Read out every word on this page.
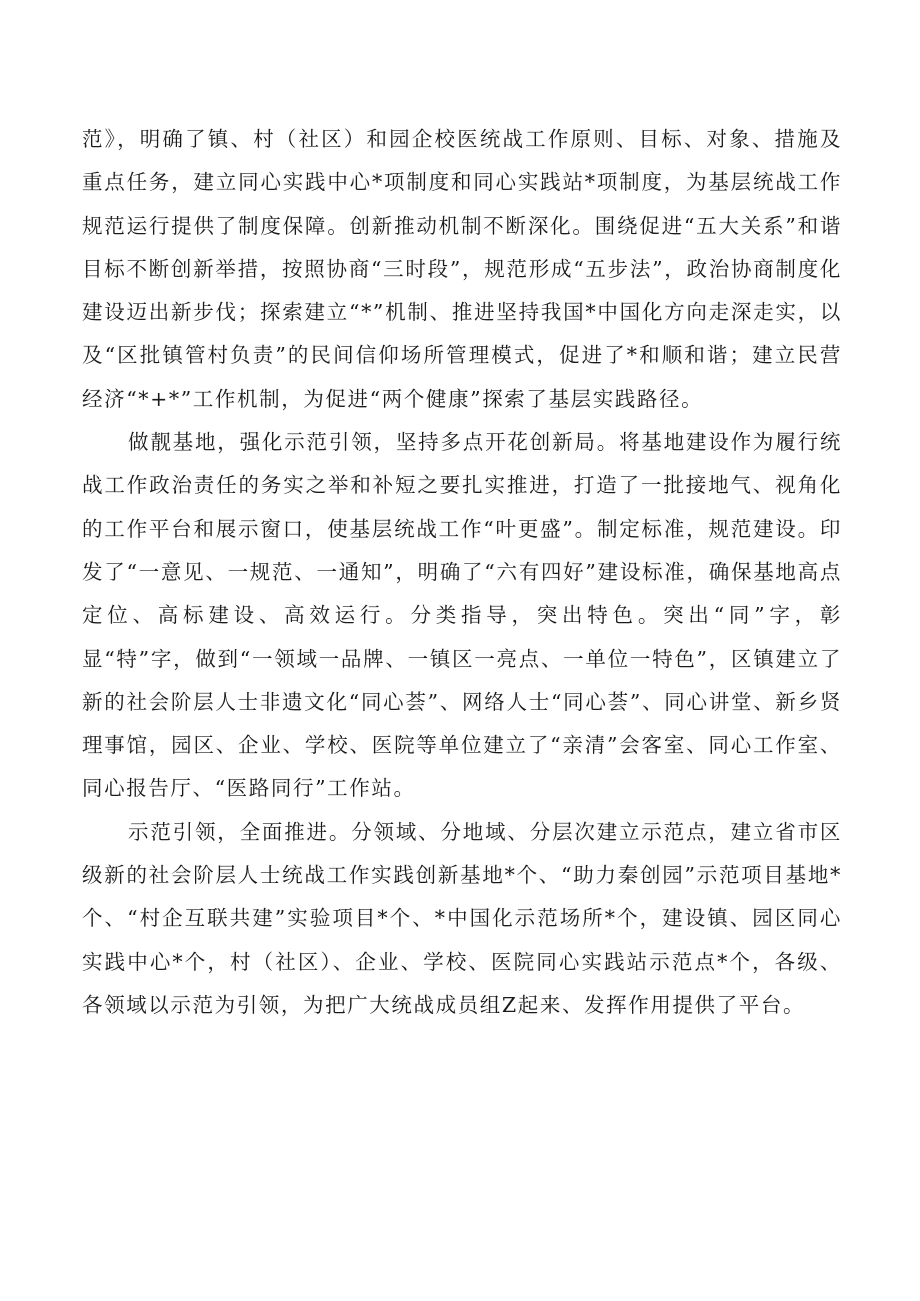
范》，明确了镇、村（社区）和园企校医统战工作原则、目标、对象、措施及重点任务，建立同心实践中心*项制度和同心实践站*项制度，为基层统战工作规范运行提供了制度保障。创新推动机制不断深化。围绕促进“五大关系”和谐目标不断创新举措，按照协商“三时段”，规范形成“五步法”，政治协商制度化建设迈出新步伐；探索建立“*”机制、推进坚持我国*中国化方向走深走实，以及“区批镇管村负责”的民间信仰场所管理模式，促进了*和顺和谐；建立民营经济“*+*”工作机制，为促进“两个健康”探索了基层实践路径。

做靓基地，强化示范引领，坚持多点开花创新局。将基地建设作为履行统战工作政治责任的务实之举和补短之要扎实推进，打造了一批接地气、视角化的工作平台和展示窗口，使基层统战工作“叶更盛”。制定标准，规范建设。印发了“一意见、一规范、一通知”，明确了“六有四好”建设标准，确保基地高点定位、高标建设、高效运行。分类指导，突出特色。突出“同”字，彰显“特”字，做到“一领域一品牌、一镇区一亮点、一单位一特色”，区镇建立了新的社会阶层人士非遗文化“同心荟”、网络人士“同心荟”、同心讲堂、新乡贤理事馆，园区、企业、学校、医院等单位建立了“亲清”会客室、同心工作室、同心报告厅、“医路同行”工作站。

示范引领，全面推进。分领域、分地域、分层次建立示范点，建立省市区级新的社会阶层人士统战工作实践创新基地*个、“助力秦创园”示范项目基地*个、“村企互联共建”实验项目*个、*中国化示范场所*个，建设镇、园区同心实践中心*个，村（社区）、企业、学校、医院同心实践站示范点*个，各级、各领域以示范为引领，为把广大统战成员组Z起来、发挥作用提供了平台。
